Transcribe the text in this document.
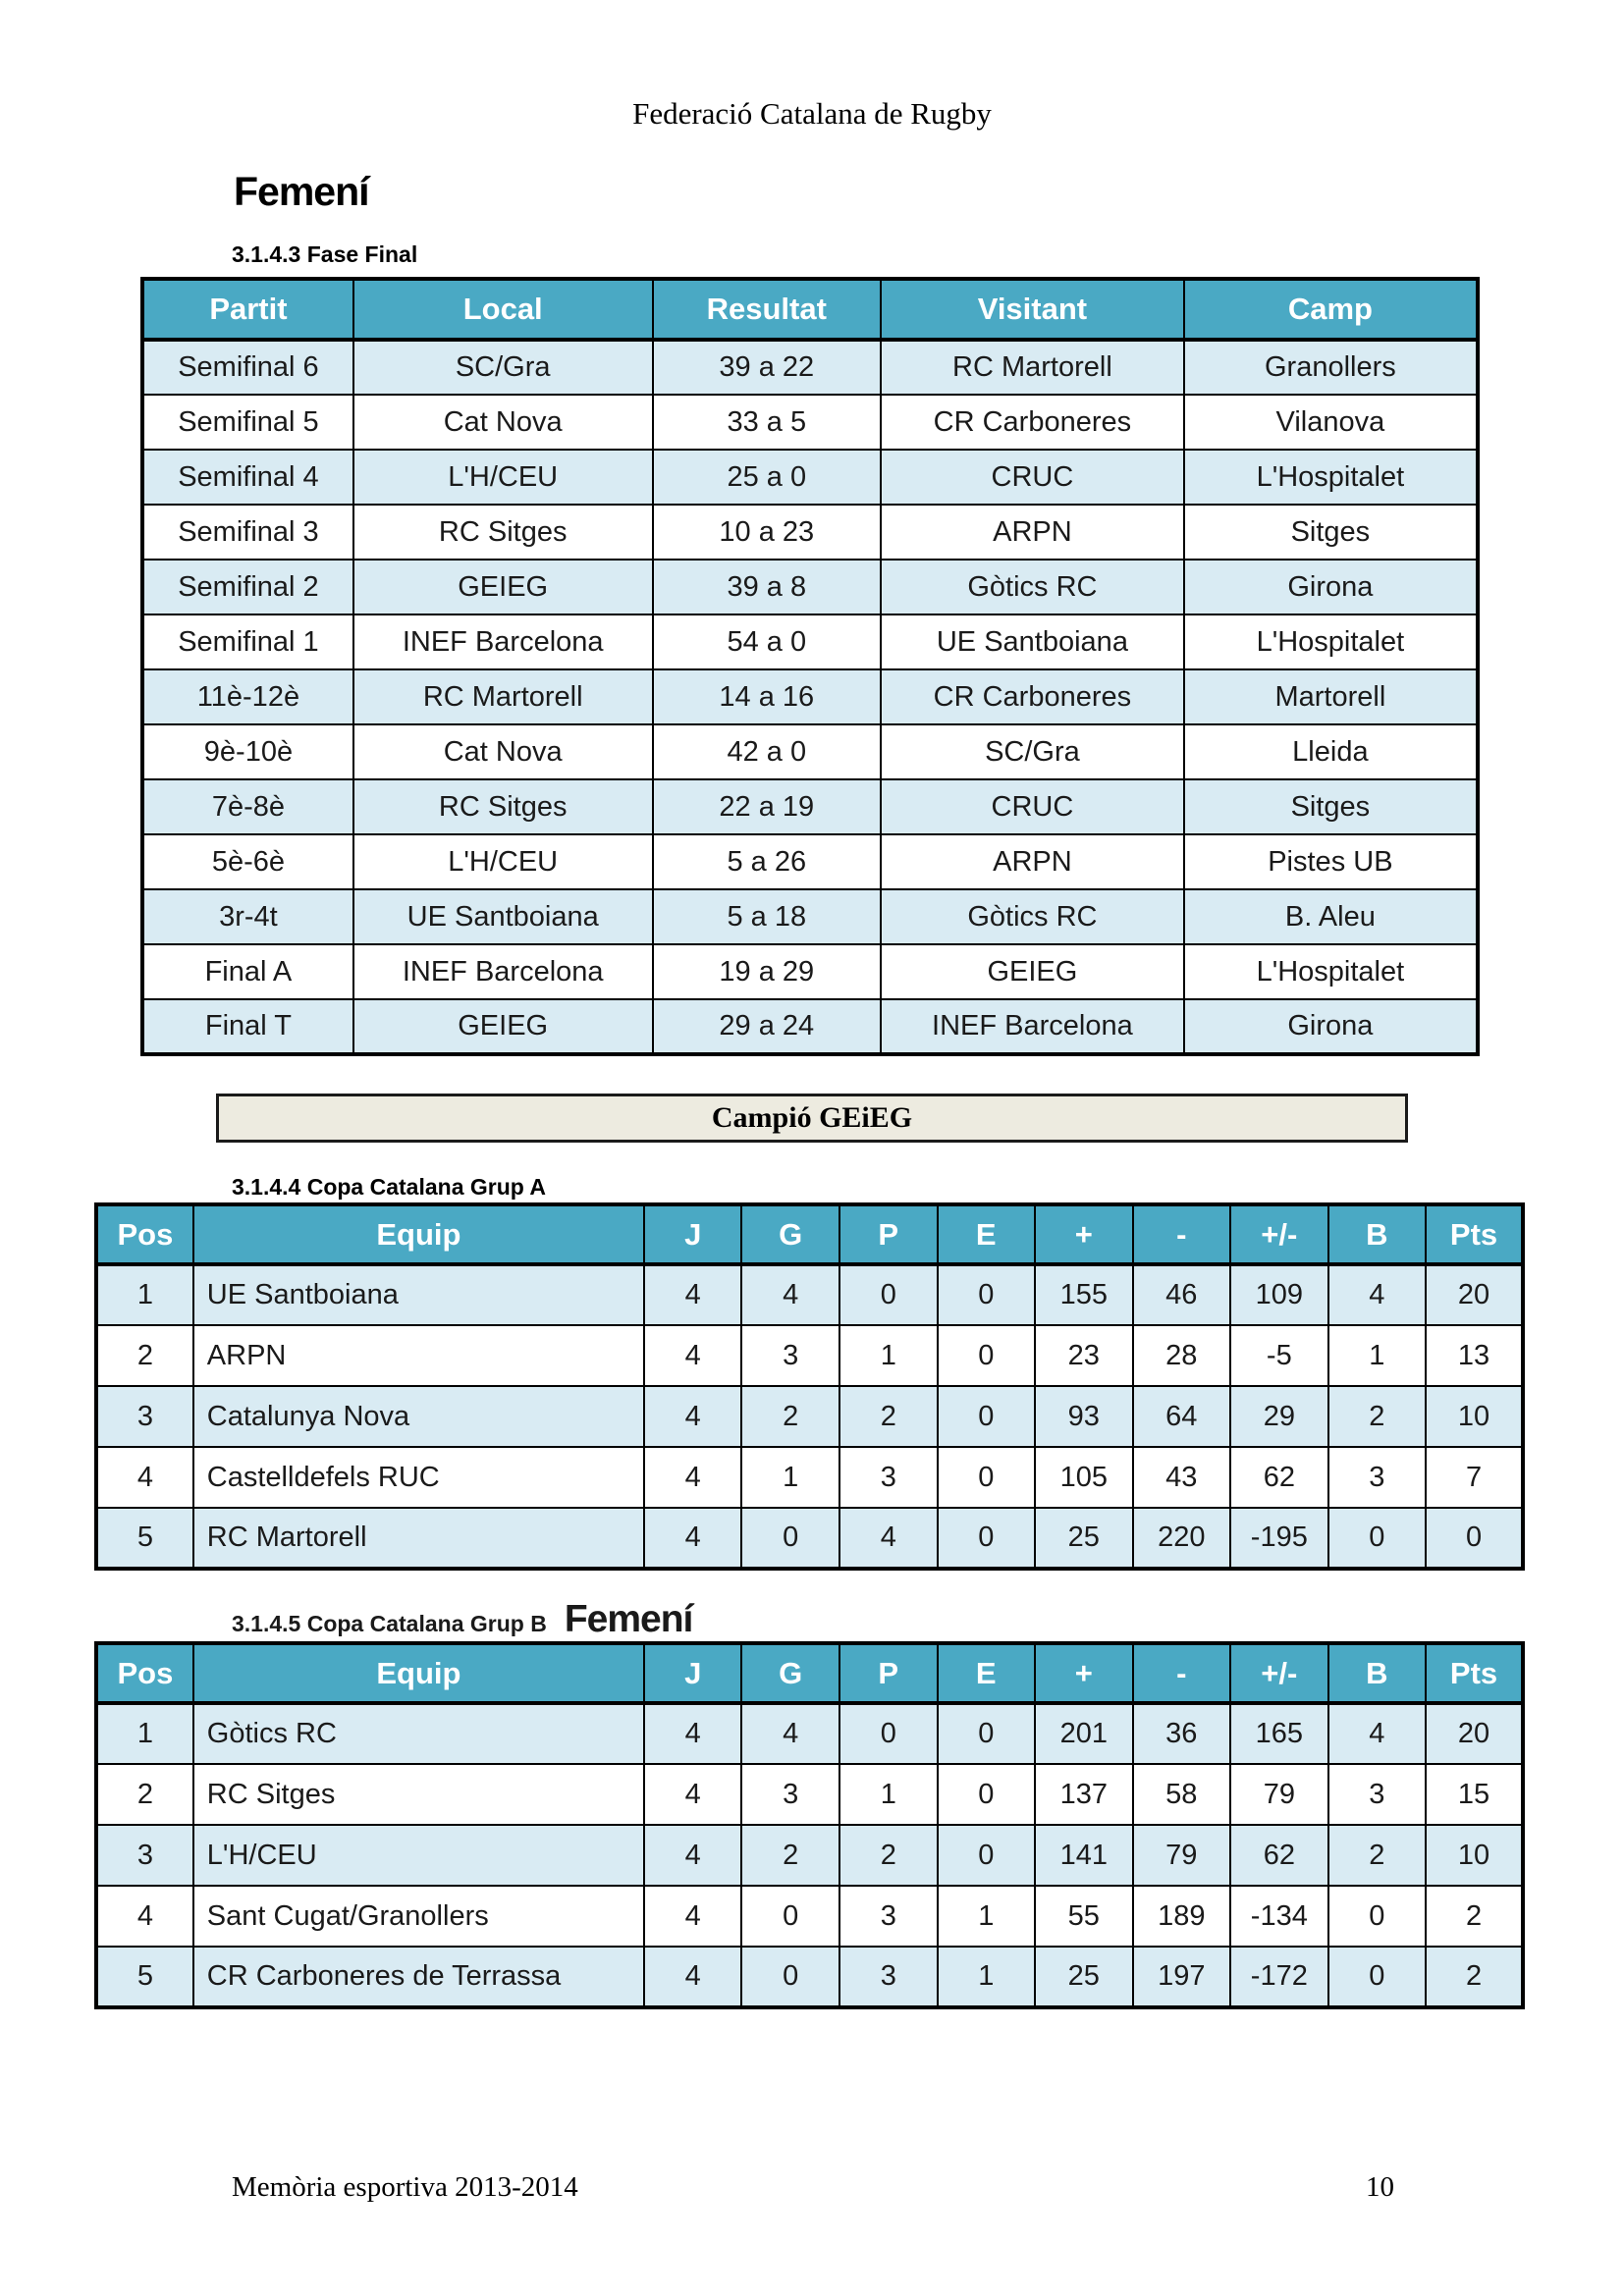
Federació Catalana de Rugby
Femení
3.1.4.3 Fase Final
Partit	Local	Resultat	Visitant	Camp
Semifinal 6	SC/Gra	39 a 22	RC Martorell	Granollers
Semifinal 5	Cat Nova	33 a 5	CR Carboneres	Vilanova
Semifinal 4	L'H/CEU	25 a 0	CRUC	L'Hospitalet
Semifinal 3	RC Sitges	10 a 23	ARPN	Sitges
Semifinal 2	GEIEG	39 a 8	Gòtics RC	Girona
Semifinal 1	INEF Barcelona	54 a 0	UE Santboiana	L'Hospitalet
11è-12è	RC Martorell	14 a 16	CR Carboneres	Martorell
9è-10è	Cat Nova	42 a 0	SC/Gra	Lleida
7è-8è	RC Sitges	22 a 19	CRUC	Sitges
5è-6è	L'H/CEU	5 a 26	ARPN	Pistes UB
3r-4t	UE Santboiana	5 a 18	Gòtics RC	B. Aleu
Final A	INEF Barcelona	19 a 29	GEIEG	L'Hospitalet
Final T	GEIEG	29 a 24	INEF Barcelona	Girona
Campió GEiEG
3.1.4.4 Copa Catalana Grup A
Pos	Equip	J	G	P	E	+	-	+/-	B	Pts
1	UE Santboiana	4	4	0	0	155	46	109	4	20
2	ARPN	4	3	1	0	23	28	-5	1	13
3	Catalunya Nova	4	2	2	0	93	64	29	2	10
4	Castelldefels RUC	4	1	3	0	105	43	62	3	7
5	RC Martorell	4	0	4	0	25	220	-195	0	0
3.1.4.5 Copa Catalana Grup B Femení
Pos	Equip	J	G	P	E	+	-	+/-	B	Pts
1	Gòtics RC	4	4	0	0	201	36	165	4	20
2	RC Sitges	4	3	1	0	137	58	79	3	15
3	L'H/CEU	4	2	2	0	141	79	62	2	10
4	Sant Cugat/Granollers	4	0	3	1	55	189	-134	0	2
5	CR Carboneres de Terrassa	4	0	3	1	25	197	-172	0	2
Memòria esportiva 2013-2014	10
